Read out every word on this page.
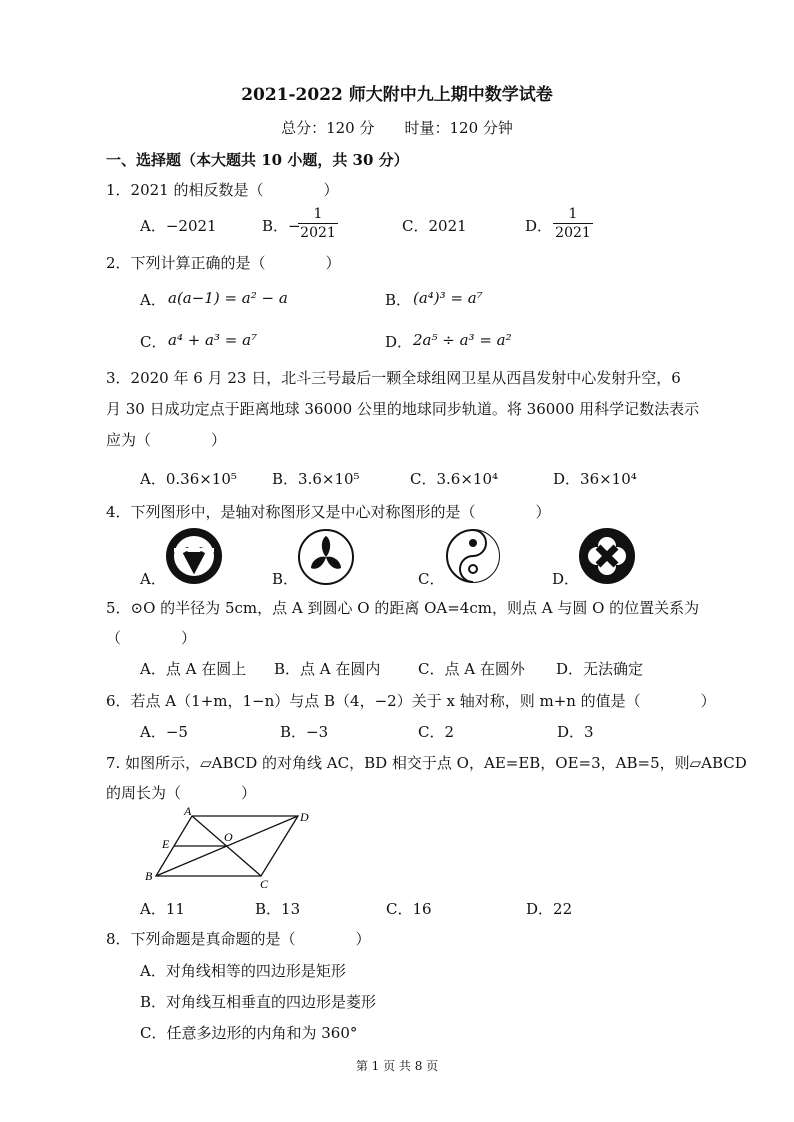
2021-2022 师大附中九上期中数学试卷
总分：120 分　　时量：120 分钟
一、选择题（本大题共 10 小题，共 30 分）
1．2021 的相反数是（　　　　）
A．−2021	B．−
1
2021	C．2021	D．
1
2021
2．下列计算正确的是（　　　　）
A． a(a−1) = a² − a	B． (a⁴)³ = a⁷
C． a⁴ + a³ = a⁷	D． 2a⁵ ÷ a³ = a²
3．2020 年 6 月 23 日，北斗三号最后一颗全球组网卫星从西昌发射中心发射升空，6
月 30 日成功定点于距离地球 36000 公里的地球同步轨道。将 36000 用科学记数法表示
应为（　　　　）
A．0.36×10⁵ B．3.6×10⁵	C．3.6×10⁴	D．36×10⁴
4．下列图形中，是轴对称图形又是中心对称图形的是（　　　　）
A．	B．	C．	D．
5．⊙O 的半径为 5cm，点 A 到圆心 O 的距离 OA=4cm，则点 A 与圆 O 的位置关系为
（　　　　）
A．点 A 在圆上 B．点 A 在圆内	C．点 A 在圆外 D．无法确定
6．若点 A（1+m，1−n）与点 B（4，−2）关于 x 轴对称，则 m+n 的值是（　　　　）
A．−5	B．−3	C．2	D．3
7. 如图所示，▱ABCD 的对角线 AC，BD 相交于点 O，AE=EB，OE=3，AB=5，则▱ABCD
的周长为（　　　　）
A	D
E	O
B
C
A．11	B．13	C．16	D．22
8．下列命题是真命题的是（　　　　）
A．对角线相等的四边形是矩形
B．对角线互相垂直的四边形是菱形
C．任意多边形的内角和为 360°
第 1 页 共 8 页
